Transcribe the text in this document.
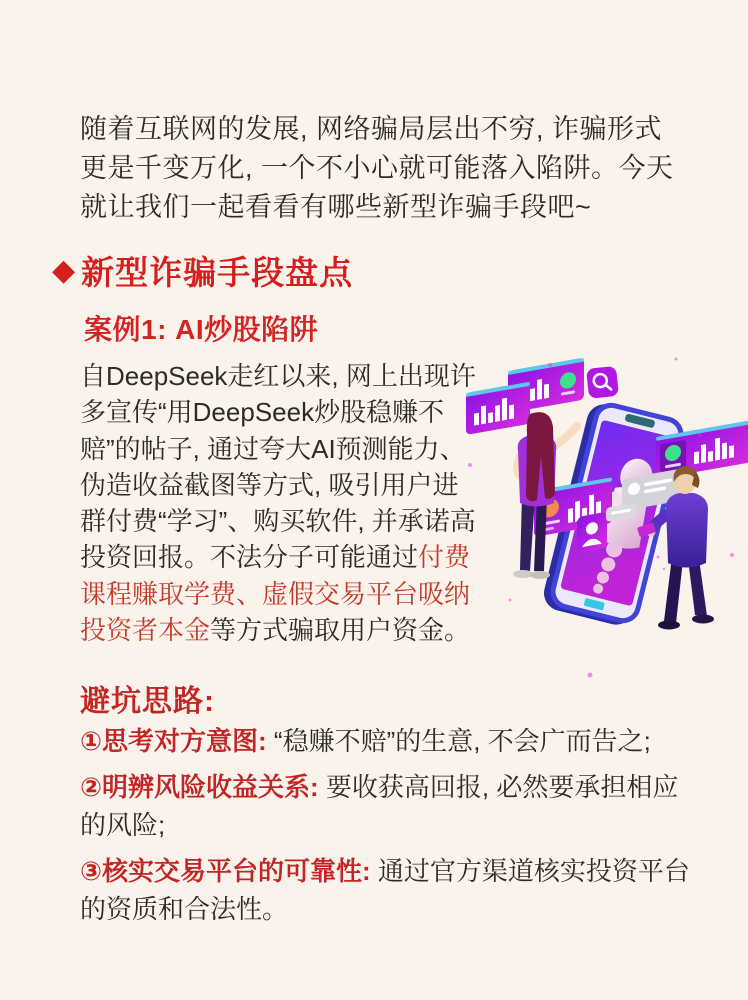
随着互联网的发展, 网络骗局层出不穷, 诈骗形式更是千变万化, 一个不小心就可能落入陷阱。今天就让我们一起看看有哪些新型诈骗手段吧~

◆ 新型诈骗手段盘点
案例1: AI炒股陷阱

自DeepSeek走红以来, 网上出现许多宣传“用DeepSeek炒股稳赚不赔”的帖子, 通过夸大AI预测能力、伪造收益截图等方式, 吸引用户进群付费“学习”、购买软件, 并承诺高投资回报。不法分子可能通过付费课程赚取学费、虚假交易平台吸纳投资者本金等方式骗取用户资金。

避坑思路:

①思考对方意图: “稳赚不赔”的生意, 不会广而告之;

②明辨风险收益关系: 要收获高回报, 必然要承担相应的风险;

③核实交易平台的可靠性: 通过官方渠道核实投资平台的资质和合法性。
